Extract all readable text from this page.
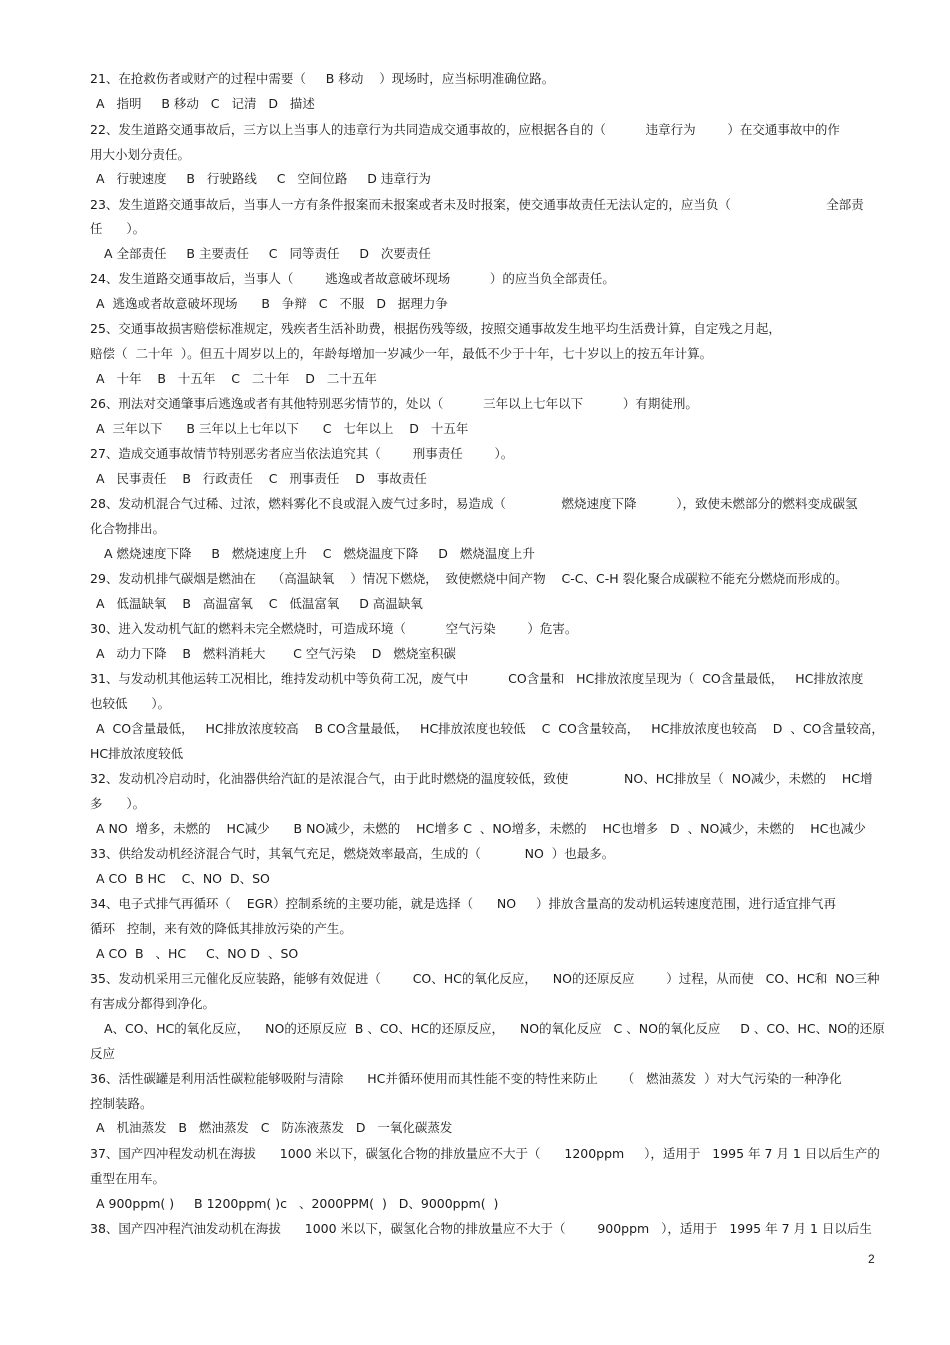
21、在抢救伤者或财产的过程中需要（     B 移动    ）现场时，应当标明准确位路。
A   指明     B 移动   C   记清   D   描述
22、发生道路交通事故后，三方以上当事人的违章行为共同造成交通事故的，应根据各自的（          违章行为        ）在交通事故中的作
用大小划分责任。
A   行驶速度     B   行驶路线     C   空间位路     D 违章行为
23、发生道路交通事故后，当事人一方有条件报案而未报案或者未及时报案，使交通事故责任无法认定的，应当负（                        全部责
任      ）。
A 全部责任     B 主要责任     C   同等责任     D   次要责任
24、发生道路交通事故后，当事人（        逃逸或者故意破坏现场          ）的应当负全部责任。
A  逃逸或者故意破坏现场      B   争辩   C   不服   D   据理力争
25、交通事故损害赔偿标准规定，残疾者生活补助费，根据伤残等级，按照交通事故发生地平均生活费计算，自定残之月起，
赔偿（  二十年  ）。但五十周岁以上的，年龄每增加一岁减少一年，最低不少于十年，七十岁以上的按五年计算。
A   十年    B   十五年    C   二十年    D   二十五年
26、刑法对交通肇事后逃逸或者有其他特别恶劣情节的，处以（          三年以上七年以下          ）有期徒刑。
A  三年以下      B 三年以上七年以下      C   七年以上    D   十五年
27、造成交通事故情节特别恶劣者应当依法追究其（        刑事责任        ）。
A   民事责任    B   行政责任    C   刑事责任    D   事故责任
28、发动机混合气过稀、过浓，燃料雾化不良或混入废气过多时，易造成（              燃烧速度下降          ），致使未燃部分的燃料变成碳氢
化合物排出。
A 燃烧速度下降     B   燃烧速度上升    C   燃烧温度下降     D   燃烧温度上升
29、发动机排气碳烟是燃油在    （高温缺氧    ）情况下燃烧，  致使燃烧中间产物    C-C、C-H 裂化聚合成碳粒不能充分燃烧而形成的。
A   低温缺氧    B   高温富氧    C   低温富氧     D 高温缺氧
30、进入发动机气缸的燃料未完全燃烧时，可造成环境（          空气污染        ）危害。
A   动力下降    B   燃料消耗大       C 空气污染    D   燃烧室积碳
31、与发动机其他运转工况相比，维持发动机中等负荷工况，废气中          CO含量和   HC排放浓度呈现为（  CO含量最低，   HC排放浓度
也较低      ）。
A  CO含量最低，   HC排放浓度较高    B CO含量最低，   HC排放浓度也较低    C  CO含量较高，   HC排放浓度也较高    D  、CO含量较高，
HC排放浓度较低
32、发动机冷启动时，化油器供给汽缸的是浓混合气，由于此时燃烧的温度较低，致使              NO、HC排放呈（  NO减少，未燃的    HC增
多      ）。
A NO  增多，未燃的    HC减少      B NO减少，未燃的    HC增多 C  、NO增多，未燃的    HC也增多   D  、NO减少，未燃的    HC也减少
33、供给发动机经济混合气时，其氧气充足，燃烧效率最高，生成的（           NO  ）也最多。
A CO  B HC    C、NO  D、SO
34、电子式排气再循环（    EGR）控制系统的主要功能，就是选择（      NO     ）排放含量高的发动机运转速度范围，进行适宜排气再
循环   控制，来有效的降低其排放污染的产生。
A CO  B   、HC     C、NO D  、SO
35、发动机采用三元催化反应装路，能够有效促进（        CO、HC的氧化反应，    NO的还原反应        ）过程，从而使   CO、HC和  NO三种
有害成分都得到净化。
A、CO、HC的氧化反应，    NO的还原反应  B 、CO、HC的还原反应，    NO的氧化反应   C 、NO的氧化反应     D 、CO、HC、NO的还原
反应
36、活性碳罐是利用活性碳粒能够吸附与清除      HC并循环使用而其性能不变的特性来防止      （   燃油蒸发  ）对大气污染的一种净化
控制装路。
A   机油蒸发   B   燃油蒸发   C   防冻液蒸发   D   一氧化碳蒸发
37、国产四冲程发动机在海拔      1000 米以下，碳氢化合物的排放量应不大于（      1200ppm     ），适用于   1995 年 7 月 1 日以后生产的
重型在用车。
A 900ppm( )     B 1200ppm( )c   、2000PPM(  )   D、9000ppm(  )
38、国产四冲程汽油发动机在海拔      1000 米以下，碳氢化合物的排放量应不大于（        900ppm   ），适用于   1995 年 7 月 1 日以后生
2
